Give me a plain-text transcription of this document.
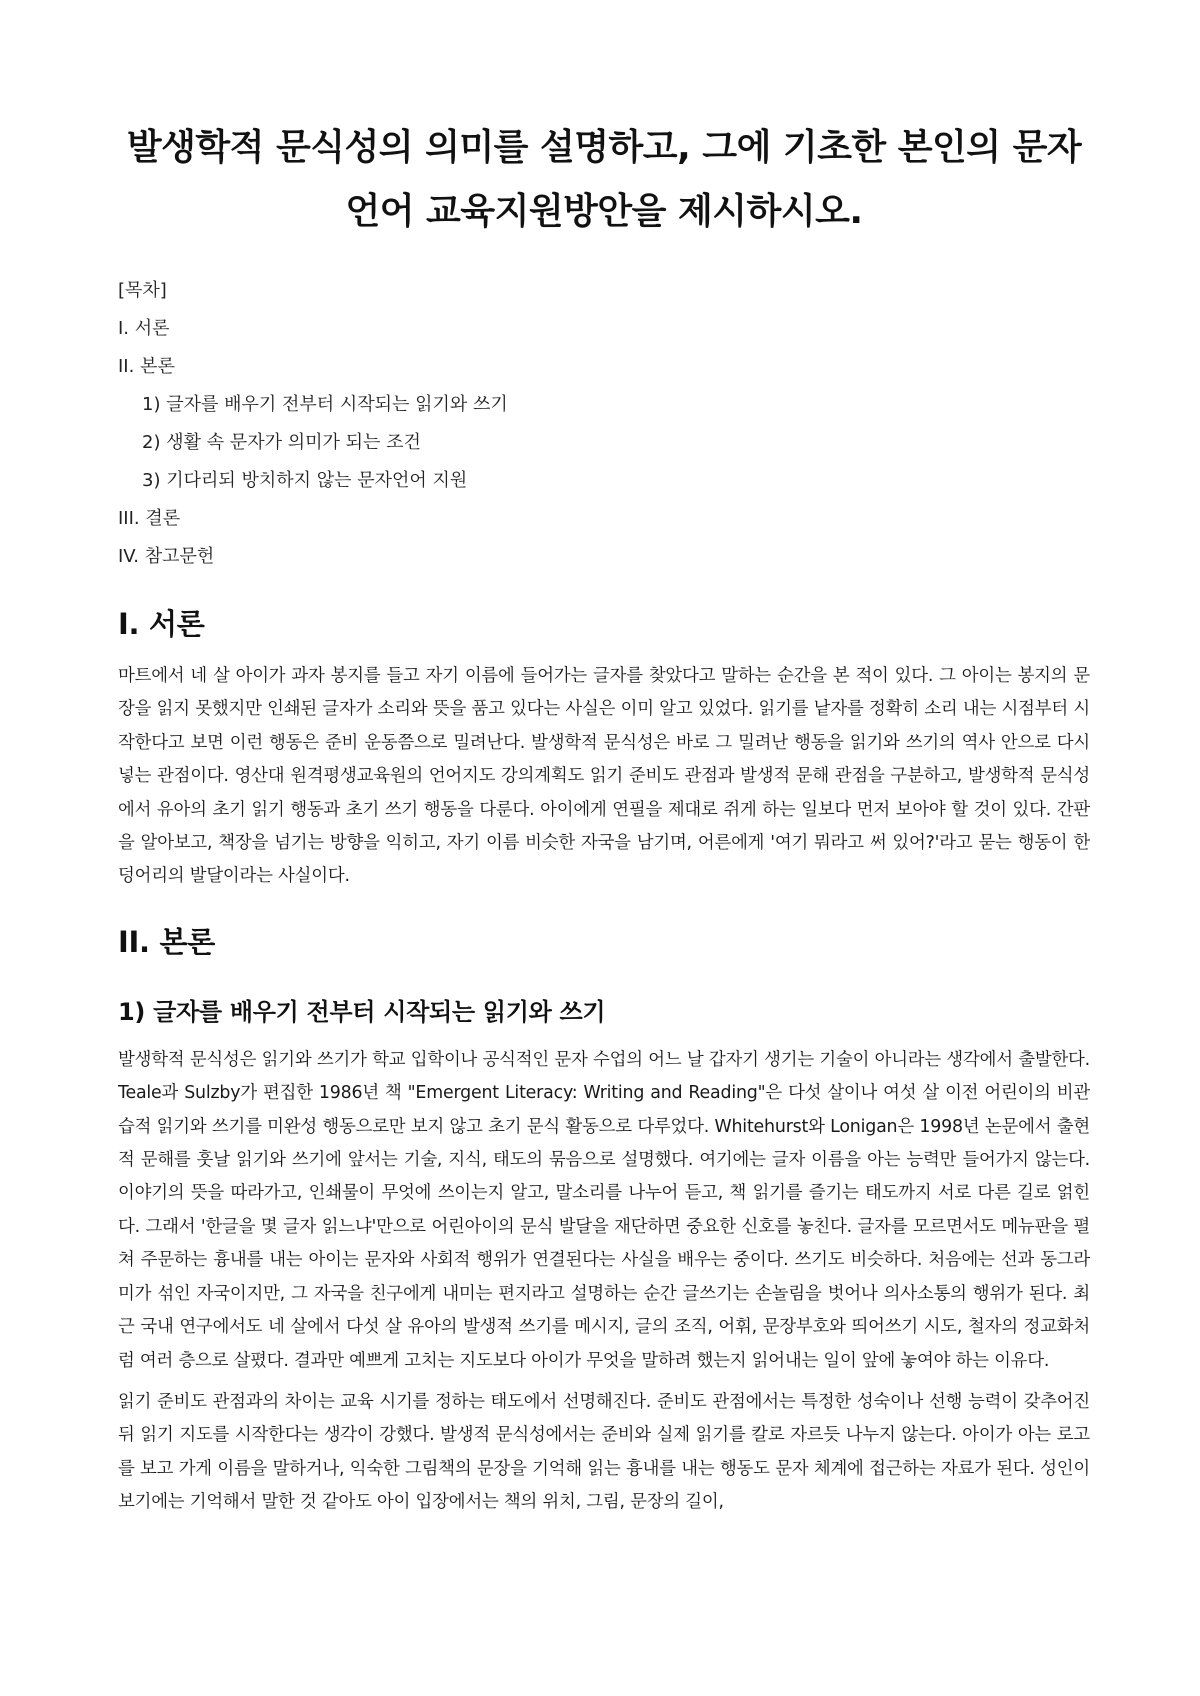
발생학적 문식성의 의미를 설명하고, 그에 기초한 본인의 문자언어 교육지원방안을 제시하시오.
[목차]
I. 서론
II. 본론
1) 글자를 배우기 전부터 시작되는 읽기와 쓰기
2) 생활 속 문자가 의미가 되는 조건
3) 기다리되 방치하지 않는 문자언어 지원
III. 결론
IV. 참고문헌
I. 서론

마트에서 네 살 아이가 과자 봉지를 들고 자기 이름에 들어가는 글자를 찾았다고 말하는 순간을 본 적이 있다. 그 아이는 봉지의 문장을 읽지 못했지만 인쇄된 글자가 소리와 뜻을 품고 있다는 사실은 이미 알고 있었다. 읽기를 낱자를 정확히 소리 내는 시점부터 시작한다고 보면 이런 행동은 준비 운동쯤으로 밀려난다. 발생학적 문식성은 바로 그 밀려난 행동을 읽기와 쓰기의 역사 안으로 다시 넣는 관점이다. 영산대 원격평생교육원의 언어지도 강의계획도 읽기 준비도 관점과 발생적 문해 관점을 구분하고, 발생학적 문식성에서 유아의 초기 읽기 행동과 초기 쓰기 행동을 다룬다. 아이에게 연필을 제대로 쥐게 하는 일보다 먼저 보아야 할 것이 있다. 간판을 알아보고, 책장을 넘기는 방향을 익히고, 자기 이름 비슷한 자국을 남기며, 어른에게 '여기 뭐라고 써 있어?'라고 묻는 행동이 한 덩어리의 발달이라는 사실이다.

II. 본론
1) 글자를 배우기 전부터 시작되는 읽기와 쓰기

발생학적 문식성은 읽기와 쓰기가 학교 입학이나 공식적인 문자 수업의 어느 날 갑자기 생기는 기술이 아니라는 생각에서 출발한다. Teale과 Sulzby가 편집한 1986년 책 "Emergent Literacy: Writing and Reading"은 다섯 살이나 여섯 살 이전 어린이의 비관습적 읽기와 쓰기를 미완성 행동으로만 보지 않고 초기 문식 활동으로 다루었다. Whitehurst와 Lonigan은 1998년 논문에서 출현적 문해를 훗날 읽기와 쓰기에 앞서는 기술, 지식, 태도의 묶음으로 설명했다. 여기에는 글자 이름을 아는 능력만 들어가지 않는다. 이야기의 뜻을 따라가고, 인쇄물이 무엇에 쓰이는지 알고, 말소리를 나누어 듣고, 책 읽기를 즐기는 태도까지 서로 다른 길로 얽힌다. 그래서 '한글을 몇 글자 읽느냐'만으로 어린아이의 문식 발달을 재단하면 중요한 신호를 놓친다. 글자를 모르면서도 메뉴판을 펼쳐 주문하는 흉내를 내는 아이는 문자와 사회적 행위가 연결된다는 사실을 배우는 중이다. 쓰기도 비슷하다. 처음에는 선과 동그라미가 섞인 자국이지만, 그 자국을 친구에게 내미는 편지라고 설명하는 순간 글쓰기는 손놀림을 벗어나 의사소통의 행위가 된다. 최근 국내 연구에서도 네 살에서 다섯 살 유아의 발생적 쓰기를 메시지, 글의 조직, 어휘, 문장부호와 띄어쓰기 시도, 철자의 정교화처럼 여러 층으로 살폈다. 결과만 예쁘게 고치는 지도보다 아이가 무엇을 말하려 했는지 읽어내는 일이 앞에 놓여야 하는 이유다.

읽기 준비도 관점과의 차이는 교육 시기를 정하는 태도에서 선명해진다. 준비도 관점에서는 특정한 성숙이나 선행 능력이 갖추어진 뒤 읽기 지도를 시작한다는 생각이 강했다. 발생적 문식성에서는 준비와 실제 읽기를 칼로 자르듯 나누지 않는다. 아이가 아는 로고를 보고 가게 이름을 말하거나, 익숙한 그림책의 문장을 기억해 읽는 흉내를 내는 행동도 문자 체계에 접근하는 자료가 된다. 성인이 보기에는 기억해서 말한 것 같아도 아이 입장에서는 책의 위치, 그림, 문장의 길이,
